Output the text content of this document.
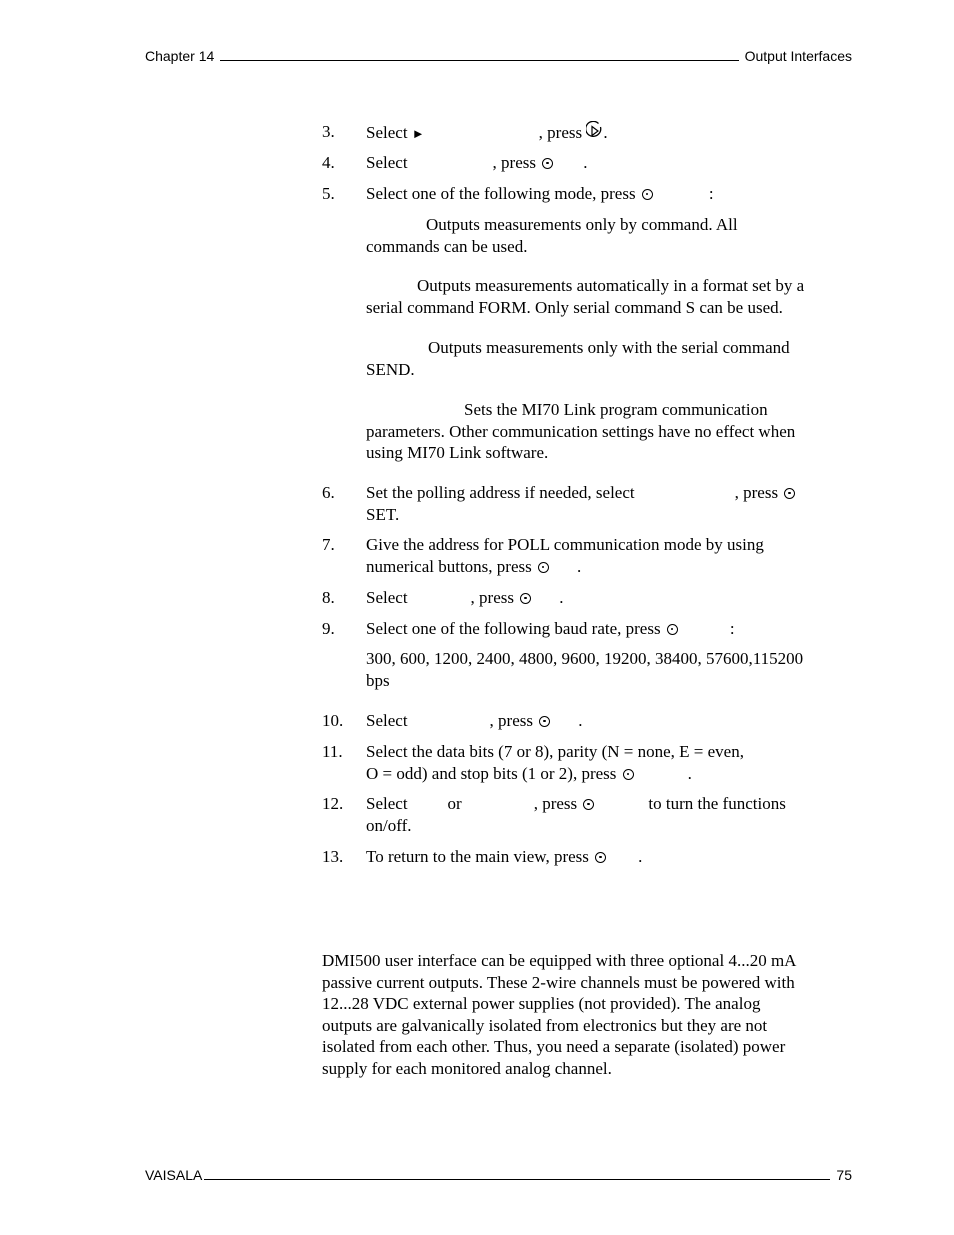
Chapter 14	Output Interfaces
3. Select ►	, press .
4. Select	, press	.
5. Select one of the following mode, press	:
Outputs measurements only by command. All
commands can be used.
Outputs measurements automatically in a format set by a
serial command FORM. Only serial command S can be used.
Outputs measurements only with the serial command
SEND.
Sets the MI70 Link program communication
parameters. Other communication settings have no effect when
using MI70 Link software.
6. Set the polling address if needed, select	, press
SET.
7. Give the address for POLL communication mode by using
numerical buttons, press	.
8. Select	, press	.
9. Select one of the following baud rate, press	:
300, 600, 1200, 2400, 4800, 9600, 19200, 38400, 57600,115200
bps
10. Select	, press	.
11. Select the data bits (7 or 8), parity (N = none, E = even,
O = odd) and stop bits (1 or 2), press	.
12. Select or	, press	to turn the functions
on/off.
13. To return to the main view, press	.
DMI500 user interface can be equipped with three optional 4...20 mA
passive current outputs. These 2-wire channels must be powered with
12...28 VDC external power supplies (not provided). The analog
outputs are galvanically isolated from electronics but they are not
isolated from each other. Thus, you need a separate (isolated) power
supply for each monitored analog channel.
VAISALA	75
